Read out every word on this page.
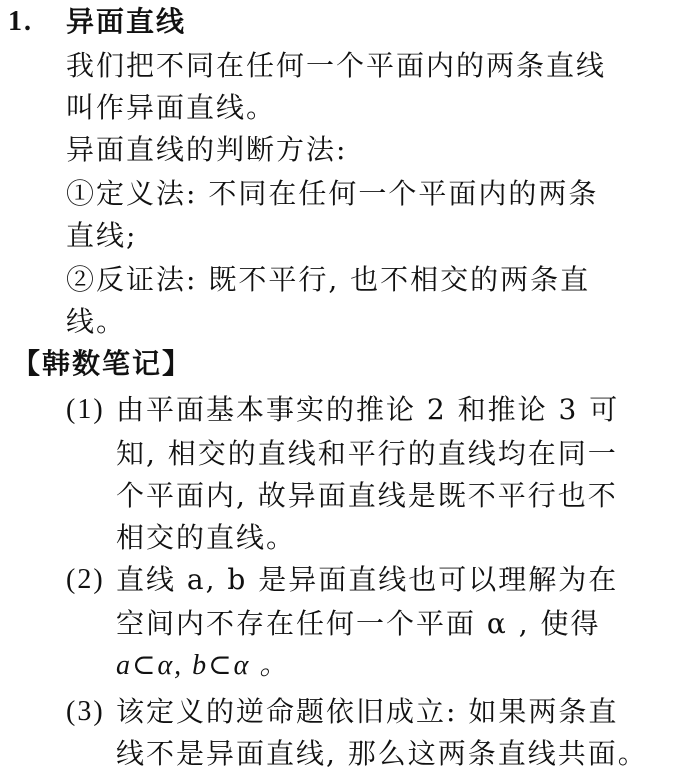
1. 异面直线
我们把不同在任何一个平面内的两条直线
叫作异面直线。
异面直线的判断方法:
①定义法: 不同在任何一个平面内的两条
直线;
②反证法: 既不平行, 也不相交的两条直
线。
【韩数笔记】
(1) 由平面基本事实的推论 2 和推论 3 可
知, 相交的直线和平行的直线均在同一
个平面内, 故异面直线是既不平行也不
相交的直线。
(2) 直线 a, b 是异面直线也可以理解为在
空间内不存在任何一个平面 α , 使得
a⊂α, b⊂α 。
(3) 该定义的逆命题依旧成立: 如果两条直
线不是异面直线, 那么这两条直线共面。
